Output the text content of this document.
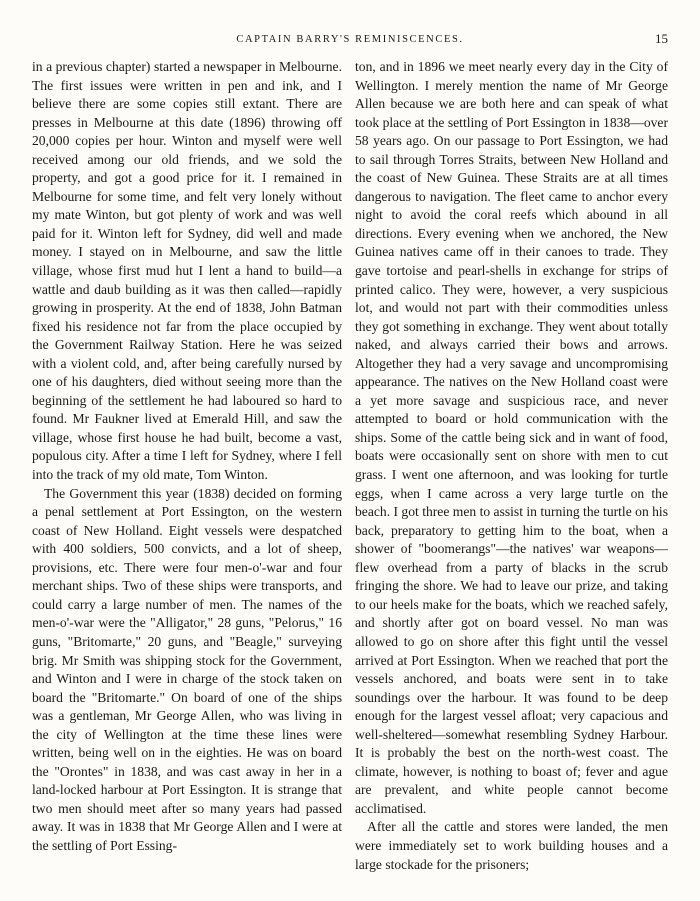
CAPTAIN BARRY'S REMINISCENCES.	15

in a previous chapter) started a newspaper in Melbourne. The first issues were written in pen and ink, and I believe there are some copies still extant. There are presses in Melbourne at this date (1896) throwing off 20,000 copies per hour. Winton and myself were well received among our old friends, and we sold the property, and got a good price for it. I remained in Melbourne for some time, and felt very lonely without my mate Winton, but got plenty of work and was well paid for it. Winton left for Sydney, did well and made money. I stayed on in Melbourne, and saw the little village, whose first mud hut I lent a hand to build—a wattle and daub building as it was then called—rapidly growing in prosperity. At the end of 1838, John Batman fixed his residence not far from the place occupied by the Government Railway Station. Here he was seized with a violent cold, and, after being carefully nursed by one of his daughters, died without seeing more than the beginning of the settlement he had laboured so hard to found. Mr Faukner lived at Emerald Hill, and saw the village, whose first house he had built, become a vast, populous city. After a time I left for Sydney, where I fell into the track of my old mate, Tom Winton.

The Government this year (1838) decided on forming a penal settlement at Port Essington, on the western coast of New Holland. Eight vessels were despatched with 400 soldiers, 500 convicts, and a lot of sheep, provisions, etc. There were four men-o'-war and four merchant ships. Two of these ships were transports, and could carry a large number of men. The names of the men-o'-war were the "Alligator," 28 guns, "Pelorus," 16 guns, "Britomarte," 20 guns, and "Beagle," surveying brig. Mr Smith was shipping stock for the Government, and Winton and I were in charge of the stock taken on board the "Britomarte." On board of one of the ships was a gentleman, Mr George Allen, who was living in the city of Wellington at the time these lines were written, being well on in the eighties. He was on board the "Orontes" in 1838, and was cast away in her in a land-locked harbour at Port Essington. It is strange that two men should meet after so many years had passed away. It was in 1838 that Mr George Allen and I were at the settling of Port Essing-

ton, and in 1896 we meet nearly every day in the City of Wellington. I merely mention the name of Mr George Allen because we are both here and can speak of what took place at the settling of Port Essington in 1838—over 58 years ago. On our passage to Port Essington, we had to sail through Torres Straits, between New Holland and the coast of New Guinea. These Straits are at all times dangerous to navigation. The fleet came to anchor every night to avoid the coral reefs which abound in all directions. Every evening when we anchored, the New Guinea natives came off in their canoes to trade. They gave tortoise and pearl-shells in exchange for strips of printed calico. They were, however, a very suspicious lot, and would not part with their commodities unless they got something in exchange. They went about totally naked, and always carried their bows and arrows. Altogether they had a very savage and uncompromising appearance. The natives on the New Holland coast were a yet more savage and suspicious race, and never attempted to board or hold communication with the ships. Some of the cattle being sick and in want of food, boats were occasionally sent on shore with men to cut grass. I went one afternoon, and was looking for turtle eggs, when I came across a very large turtle on the beach. I got three men to assist in turning the turtle on his back, preparatory to getting him to the boat, when a shower of "boomerangs"—the natives' war weapons—flew overhead from a party of blacks in the scrub fringing the shore. We had to leave our prize, and taking to our heels make for the boats, which we reached safely, and shortly after got on board vessel. No man was allowed to go on shore after this fight until the vessel arrived at Port Essington. When we reached that port the vessels anchored, and boats were sent in to take soundings over the harbour. It was found to be deep enough for the largest vessel afloat; very capacious and well-sheltered—somewhat resembling Sydney Harbour. It is probably the best on the north-west coast. The climate, however, is nothing to boast of; fever and ague are prevalent, and white people cannot become acclimatised.

After all the cattle and stores were landed, the men were immediately set to work building houses and a large stockade for the prisoners;
